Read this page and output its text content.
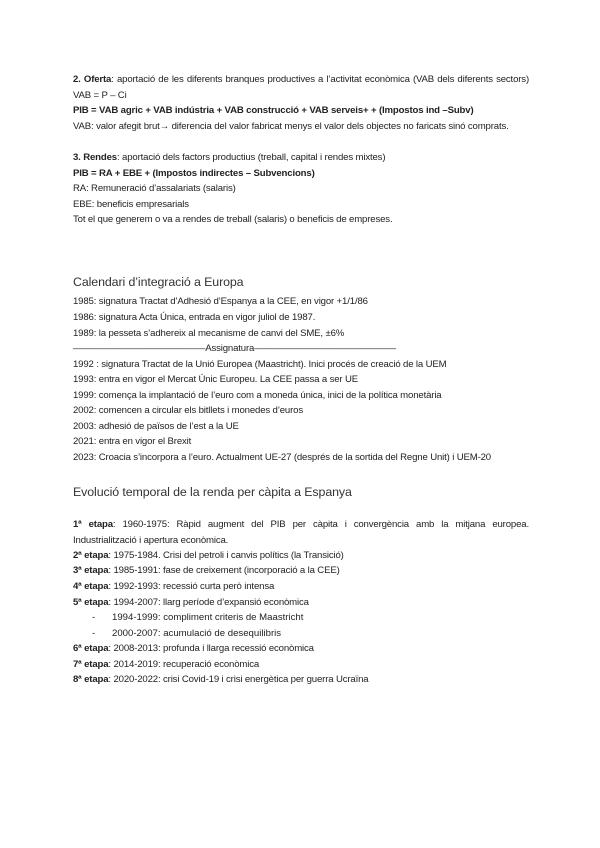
2. Oferta: aportació de les diferents branques productives a l’activitat econòmica (VAB dels diferents sectors) VAB = P – Ci
PIB = VAB agric + VAB indústria + VAB construcció + VAB serveis+ + (Impostos ind –Subv)
VAB: valor afegit brut→ diferencia del valor fabricat menys el valor dels objectes no faricats sinó comprats.
3. Rendes: aportació dels factors productius (treball, capital i rendes mixtes)
PIB = RA + EBE + (Impostos indirectes – Subvencions)
RA: Remuneració d’assalariats (salaris)
EBE: beneficis empresarials
Tot el que generem o va a rendes de treball (salaris) o beneficis de empreses.
Calendari d’integració a Europa
1985: signatura Tractat d’Adhesió d’Espanya a la CEE, en vigor +1/1/86
1986: signatura Acta Única, entrada en vigor juliol de 1987.
1989: la pesseta s’adhereix al mecanisme de canvi del SME, ±6%
——————————————Assignatura———————————————
1992 : signatura Tractat de la Unió Europea (Maastricht). Inici procés de creació de la UEM
1993: entra en vigor el Mercat Únic Europeu. La CEE passa a ser UE
1999: comença la implantació de l’euro com a moneda única, inici de la política monetària
2002: comencen a circular els bitllets i monedes d’euros
2003: adhesió de països de l’est a la UE
2021: entra en vigor el Brexit
2023: Croacia s’incorpora a l’euro. Actualment UE-27 (després de la sortida del Regne Unit) i UEM-20
Evolució temporal de la renda per càpita a Espanya
1ª etapa: 1960-1975: Ràpid augment del PIB per càpita i convergència amb la mitjana europea. Industrialització i apertura econòmica.
2ª etapa: 1975-1984. Crisi del petroli i canvis polítics (la Transició)
3ª etapa: 1985-1991: fase de creixement (incorporació a la CEE)
4ª etapa: 1992-1993: recessió curta però intensa
5ª etapa: 1994-2007: llarg període d’expansió econòmica
- 1994-1999: compliment criteris de Maastricht
- 2000-2007: acumulació de desequilibris
6ª etapa: 2008-2013: profunda i llarga recessió econòmica
7ª etapa: 2014-2019: recuperació econòmica
8ª etapa: 2020-2022: crisi Covid-19 i crisi energètica per guerra Ucraïna
